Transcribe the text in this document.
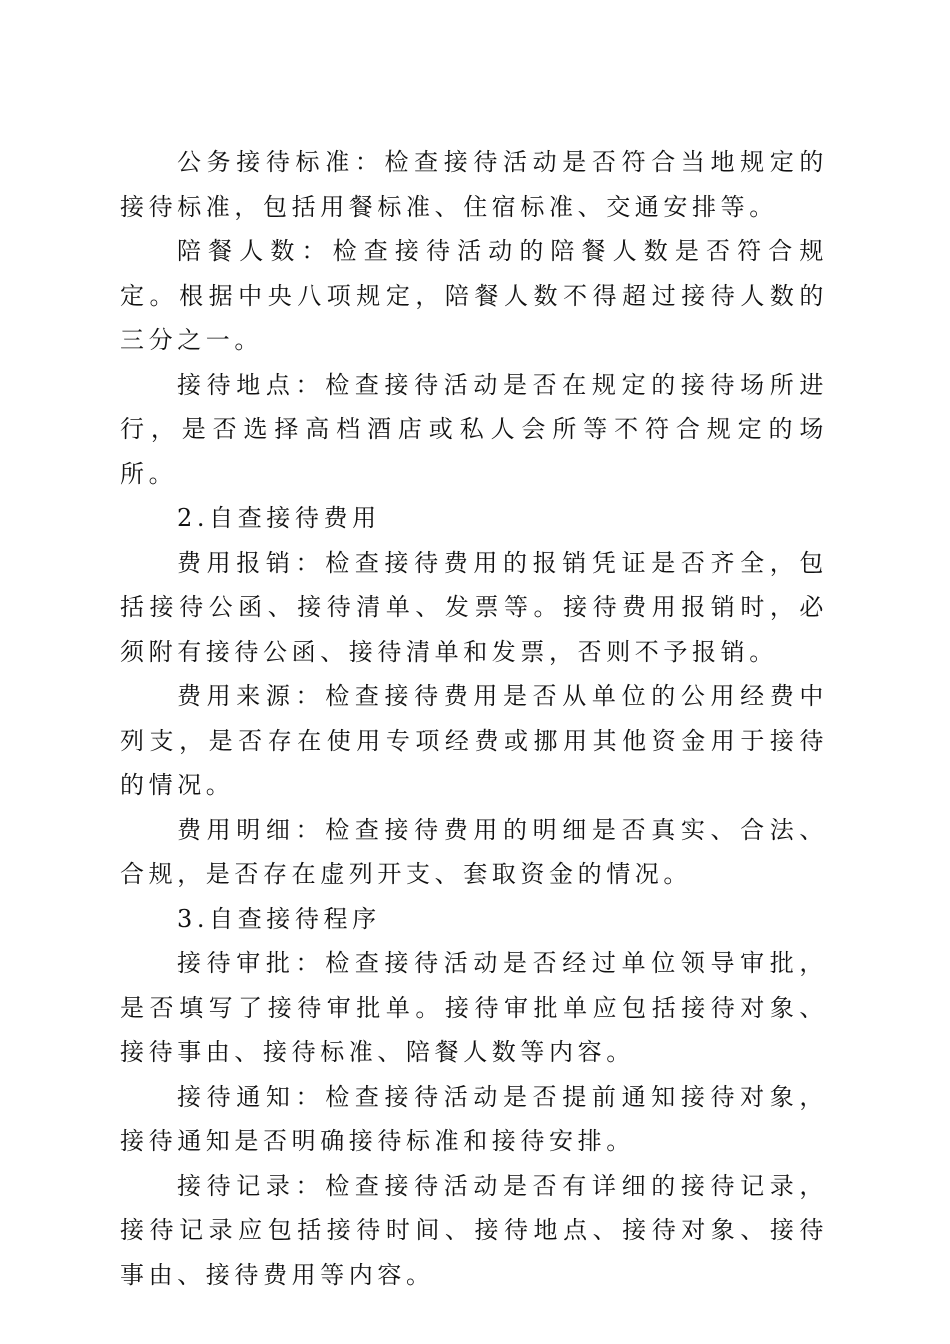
公务接待标准：检查接待活动是否符合当地规定的接待标准，包括用餐标准、住宿标准、交通安排等。

陪餐人数：检查接待活动的陪餐人数是否符合规定。根据中央八项规定，陪餐人数不得超过接待人数的三分之一。

接待地点：检查接待活动是否在规定的接待场所进行，是否选择高档酒店或私人会所等不符合规定的场所。

2.自查接待费用

费用报销：检查接待费用的报销凭证是否齐全，包括接待公函、接待清单、发票等。接待费用报销时，必须附有接待公函、接待清单和发票，否则不予报销。

费用来源：检查接待费用是否从单位的公用经费中列支，是否存在使用专项经费或挪用其他资金用于接待的情况。

费用明细：检查接待费用的明细是否真实、合法、合规，是否存在虚列开支、套取资金的情况。

3.自查接待程序

接待审批：检查接待活动是否经过单位领导审批，是否填写了接待审批单。接待审批单应包括接待对象、接待事由、接待标准、陪餐人数等内容。

接待通知：检查接待活动是否提前通知接待对象，接待通知是否明确接待标准和接待安排。

接待记录：检查接待活动是否有详细的接待记录，接待记录应包括接待时间、接待地点、接待对象、接待事由、接待费用等内容。
